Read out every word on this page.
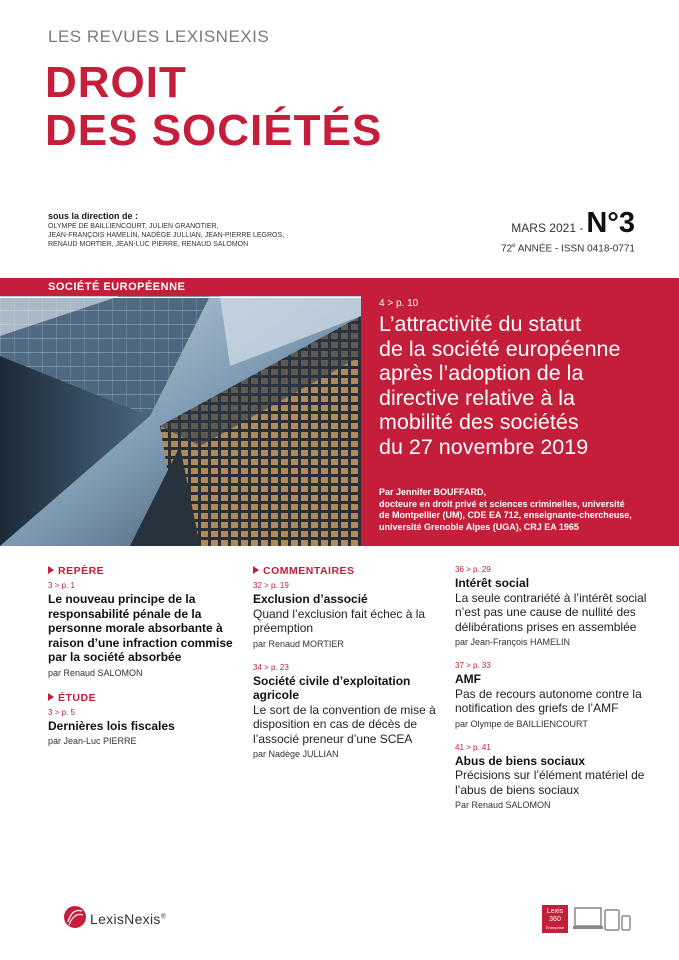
LES REVUES LEXISNEXIS
DROIT
DES SOCIÉTÉS
sous la direction de :
OLYMPE DE BAILLIENCOURT, JULIEN GRANOTIER,
JEAN-FRANÇOIS HAMELIN, NADÈGE JULLIAN, JEAN-PIERRE LEGROS,
RENAUD MORTIER, JEAN-LUC PIERRE, RENAUD SALOMON
MARS 2021 - N°3
72e ANNÉE - ISSN 0418-0771
SOCIÉTÉ EUROPÉENNE
4 > p. 10
L’attractivité du statut
de la société européenne
après l’adoption de la
directive relative à la
mobilité des sociétés
du 27 novembre 2019
Par Jennifer BOUFFARD,
docteure en droit privé et sciences criminelles, université
de Montpellier (UM), CDE EA 712, enseignante-chercheuse,
université Grenoble Alpes (UGA), CRJ EA 1965
REPÈRE
3 > p. 1
Le nouveau principe de la responsabilité pénale de la personne morale absorbante à raison d’une infraction commise par la société absorbée
par Renaud SALOMON
ÉTUDE
3 > p. 5
Dernières lois fiscales
par Jean-Luc PIERRE
COMMENTAIRES
32 > p. 19
Exclusion d’associé
Quand l’exclusion fait échec à la préemption
par Renaud MORTIER
34 > p. 23
Société civile d’exploitation agricole
Le sort de la convention de mise à disposition en cas de décès de l’associé preneur d’une SCEA
par Nadège JULLIAN
36 > p. 29
Intérêt social
La seule contrariété à l’intérêt social n’est pas une cause de nullité des délibérations prises en assemblée
par Jean-François HAMELIN
37 > p. 33
AMF
Pas de recours autonome contre la notification des griefs de l’AMF
par Olympe de BAILLIENCOURT
41 > p. 41
Abus de biens sociaux
Précisions sur l’élément matériel de l’abus de biens sociaux
Par Renaud SALOMON
LexisNexis®
Lexis
360
Entreprise
